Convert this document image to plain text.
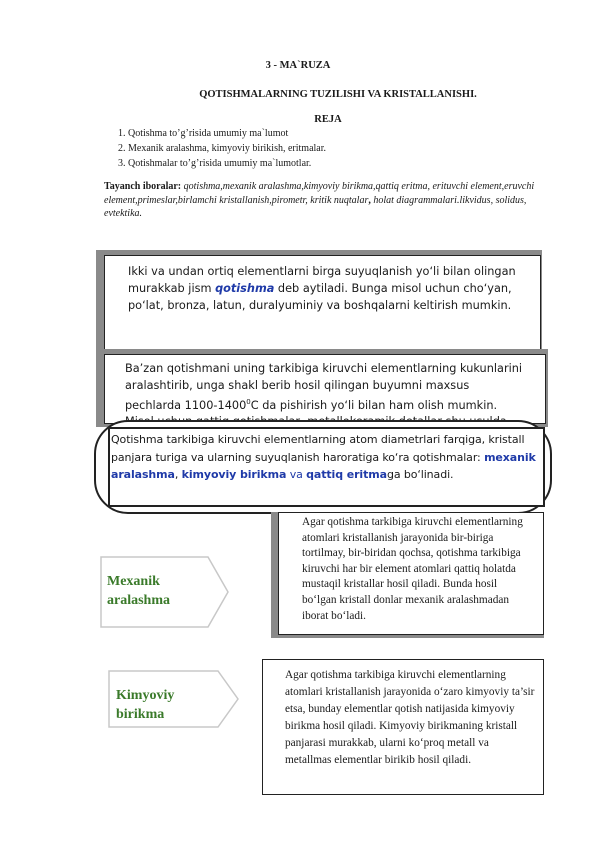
3 - MA`RUZA
QOTISHMALARNING TUZILISHI VA KRISTALLANISHI.
REJA
1. Qotishma to’g’risida umumiy ma`lumot
2. Mexanik aralashma, kimyoviy birikish, eritmalar.
3. Qotishmalar to’g’risida umumiy ma`lumotlar.
Tayanch iboralar: qotishma,mexanik aralashma,kimyoviy birikma,qattiq eritma, erituvchi element,eruvchi element,primeslar,birlamchi kristallanish,pirometr, kritik nuqtalar, holat diagrammalari.likvidus, solidus, evtektika.
Ikki va undan ortiq elementlarni birga suyuqlanish yo‘li bilan olingan murakkab jism qotishma deb aytiladi. Bunga misol uchun cho‘yan, po‘lat, bronza, latun, duralyuminiy va boshqalarni keltirish mumkin.
Ba’zan qotishmani uning tarkibiga kiruvchi elementlarning kukunlarini aralashtirib, unga shakl berib hosil qilingan buyumni maxsus pechlarda 1100-1400$^0$C da pishirish yo‘li bilan ham olish mumkin.
Qotishma tarkibiga kiruvchi elementlarning atom diametrlari farqiga, kristall panjara turiga va ularning suyuqlanish haroratiga ko‘ra qotishmalar: mexanik aralashma, kimyoviy birikma va qattiq eritmaga bo‘linadi.
Mexanik
aralashma
Agar qotishma tarkibiga kiruvchi elementlarning atomlari kristallanish jarayonida bir-biriga tortilmay, bir-biridan qochsa, qotishma tarkibiga kiruvchi har bir element atomlari qattiq holatda mustaqil kristallar hosil qiladi. Bunda hosil bo‘lgan kristall donlar mexanik aralashmadan iborat bo‘ladi.
Kimyoviy
birikma
Agar qotishma tarkibiga kiruvchi elementlarning atomlari kristallanish jarayonida o‘zaro kimyoviy ta’sir etsa, bunday elementlar qotish natijasida kimyoviy birikma hosil qiladi. Kimyoviy birikmaning kristall panjarasi murakkab, ularni ko‘proq metall va metallmas elementlar birikib hosil qiladi.
